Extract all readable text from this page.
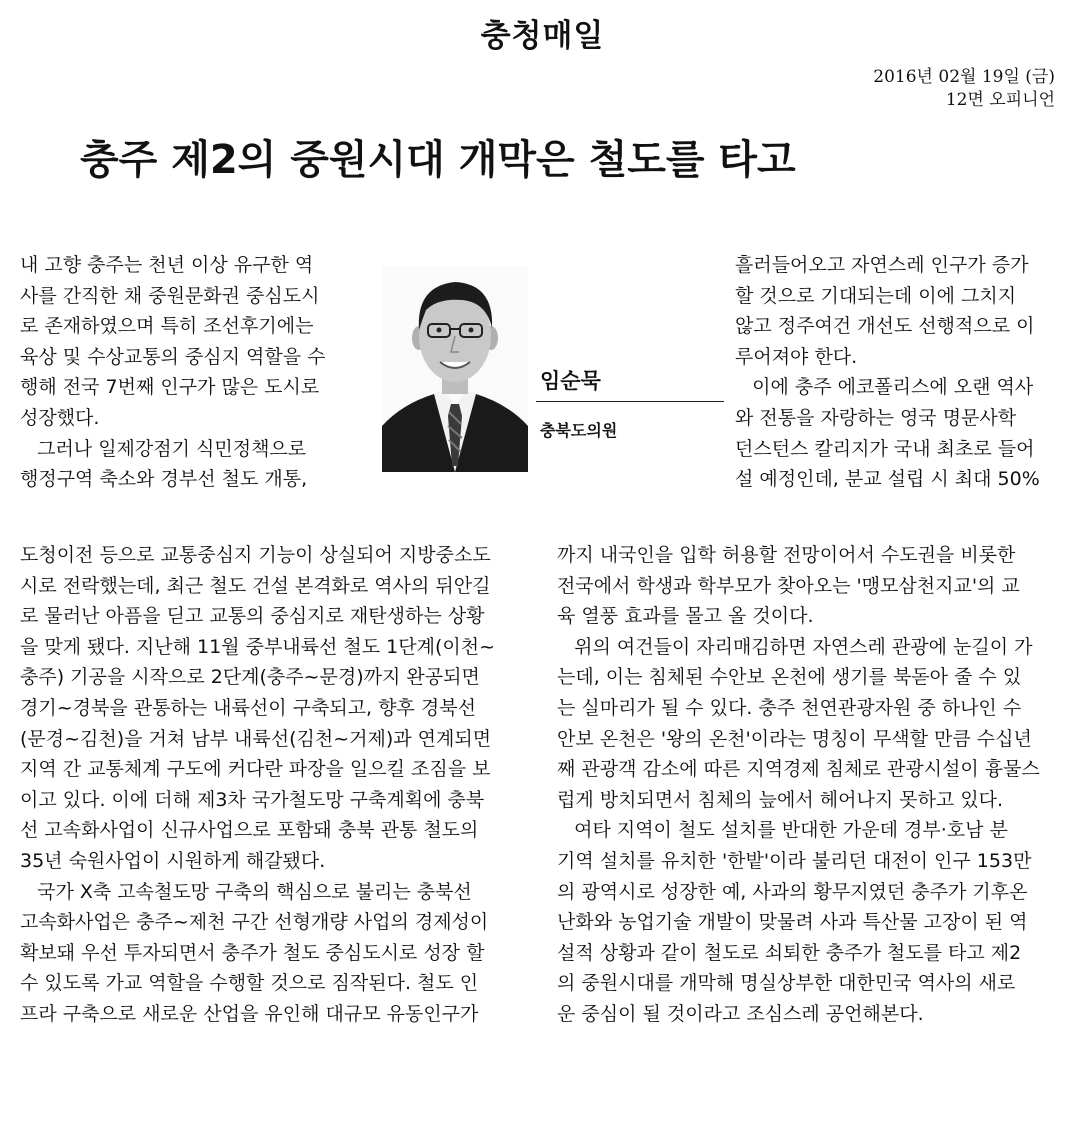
충청매일
2016년 02월 19일 (금)
12면 오피니언
충주 제2의 중원시대 개막은 철도를 타고
임순묵
충북도의원
내 고향 충주는 천년 이상 유구한 역
사를 간직한 채 중원문화권 중심도시
로 존재하였으며 특히 조선후기에는
육상 및 수상교통의 중심지 역할을 수
행해 전국 7번째 인구가 많은 도시로
성장했다.
그러나 일제강점기 식민정책으로
행정구역 축소와 경부선 철도 개통,
도청이전 등으로 교통중심지 기능이 상실되어 지방중소도
시로 전락했는데, 최근 철도 건설 본격화로 역사의 뒤안길
로 물러난 아픔을 딛고 교통의 중심지로 재탄생하는 상황
을 맞게 됐다. 지난해 11월 중부내륙선 철도 1단계(이천~
충주) 기공을 시작으로 2단계(충주~문경)까지 완공되면
경기~경북을 관통하는 내륙선이 구축되고, 향후 경북선
(문경~김천)을 거쳐 남부 내륙선(김천~거제)과 연계되면
지역 간 교통체계 구도에 커다란 파장을 일으킬 조짐을 보
이고 있다. 이에 더해 제3차 국가철도망 구축계획에 충북
선 고속화사업이 신규사업으로 포함돼 충북 관통 철도의
35년 숙원사업이 시원하게 해갈됐다.
국가 X축 고속철도망 구축의 핵심으로 불리는 충북선
고속화사업은 충주~제천 구간 선형개량 사업의 경제성이
확보돼 우선 투자되면서 충주가 철도 중심도시로 성장 할
수 있도록 가교 역할을 수행할 것으로 짐작된다. 철도 인
프라 구축으로 새로운 산업을 유인해 대규모 유동인구가
흘러들어오고 자연스레 인구가 증가
할 것으로 기대되는데 이에 그치지
않고 정주여건 개선도 선행적으로 이
루어져야 한다.
이에 충주 에코폴리스에 오랜 역사
와 전통을 자랑하는 영국 명문사학
던스턴스 칼리지가 국내 최초로 들어
설 예정인데, 분교 설립 시 최대 50%
까지 내국인을 입학 허용할 전망이어서 수도권을 비롯한
전국에서 학생과 학부모가 찾아오는 '맹모삼천지교'의 교
육 열풍 효과를 몰고 올 것이다.
위의 여건들이 자리매김하면 자연스레 관광에 눈길이 가
는데, 이는 침체된 수안보 온천에 생기를 북돋아 줄 수 있
는 실마리가 될 수 있다. 충주 천연관광자원 중 하나인 수
안보 온천은 '왕의 온천'이라는 명칭이 무색할 만큼 수십년
째 관광객 감소에 따른 지역경제 침체로 관광시설이 흉물스
럽게 방치되면서 침체의 늪에서 헤어나지 못하고 있다.
여타 지역이 철도 설치를 반대한 가운데 경부·호남 분
기역 설치를 유치한 '한밭'이라 불리던 대전이 인구 153만
의 광역시로 성장한 예, 사과의 황무지였던 충주가 기후온
난화와 농업기술 개발이 맞물려 사과 특산물 고장이 된 역
설적 상황과 같이 철도로 쇠퇴한 충주가 철도를 타고 제2
의 중원시대를 개막해 명실상부한 대한민국 역사의 새로
운 중심이 될 것이라고 조심스레 공언해본다.
